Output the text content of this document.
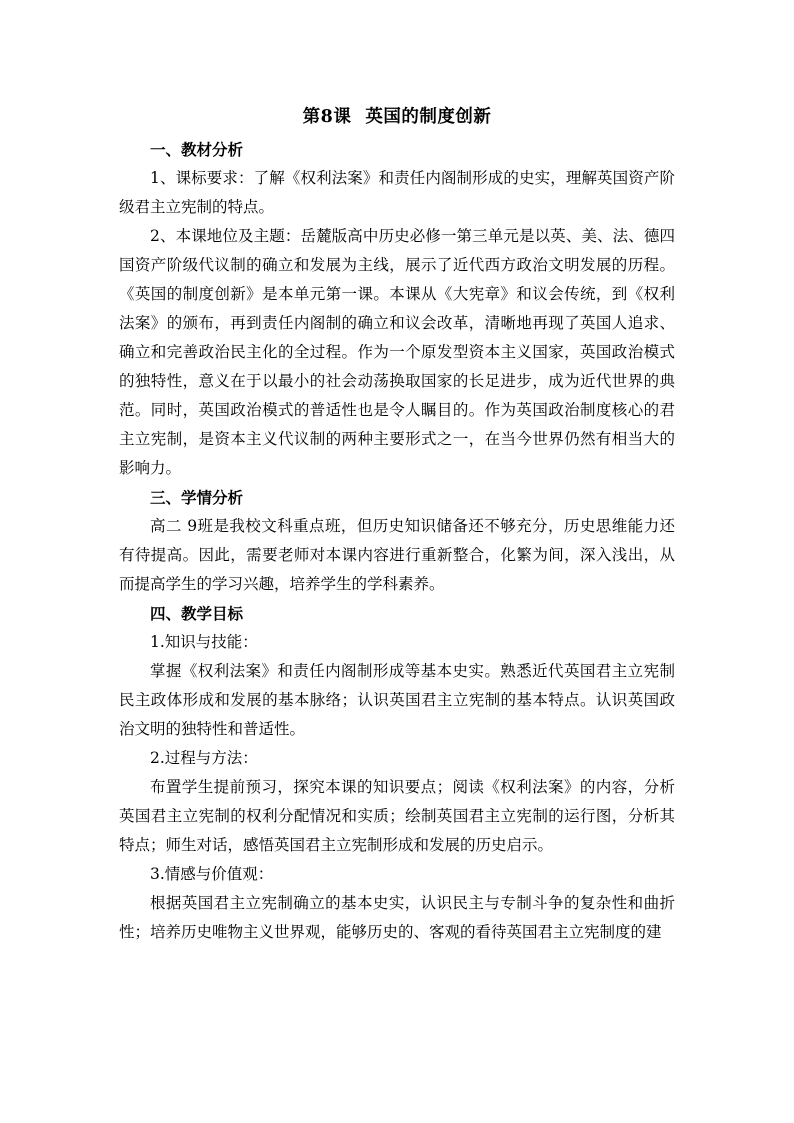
第8课 英国的制度创新

一、教材分析

1、课标要求：了解《权利法案》和责任内阁制形成的史实，理解英国资产阶级君主立宪制的特点。

2、本课地位及主题：岳麓版高中历史必修一第三单元是以英、美、法、德四国资产阶级代议制的确立和发展为主线，展示了近代西方政治文明发展的历程。《英国的制度创新》是本单元第一课。本课从《大宪章》和议会传统，到《权利法案》的颁布，再到责任内阁制的确立和议会改革，清晰地再现了英国人追求、确立和完善政治民主化的全过程。作为一个原发型资本主义国家，英国政治模式的独特性，意义在于以最小的社会动荡换取国家的长足进步，成为近代世界的典范。同时，英国政治模式的普适性也是令人瞩目的。作为英国政治制度核心的君主立宪制，是资本主义代议制的两种主要形式之一，在当今世界仍然有相当大的影响力。

三、学情分析

高二 9班是我校文科重点班，但历史知识储备还不够充分，历史思维能力还有待提高。因此，需要老师对本课内容进行重新整合，化繁为间，深入浅出，从而提高学生的学习兴趣，培养学生的学科素养。

四、教学目标

1.知识与技能：

掌握《权利法案》和责任内阁制形成等基本史实。熟悉近代英国君主立宪制民主政体形成和发展的基本脉络；认识英国君主立宪制的基本特点。认识英国政治文明的独特性和普适性。

2.过程与方法：

布置学生提前预习，探究本课的知识要点；阅读《权利法案》的内容，分析英国君主立宪制的权利分配情况和实质；绘制英国君主立宪制的运行图，分析其特点；师生对话，感悟英国君主立宪制形成和发展的历史启示。

3.情感与价值观：

根据英国君主立宪制确立的基本史实，认识民主与专制斗争的复杂性和曲折性；培养历史唯物主义世界观，能够历史的、客观的看待英国君主立宪制度的建
